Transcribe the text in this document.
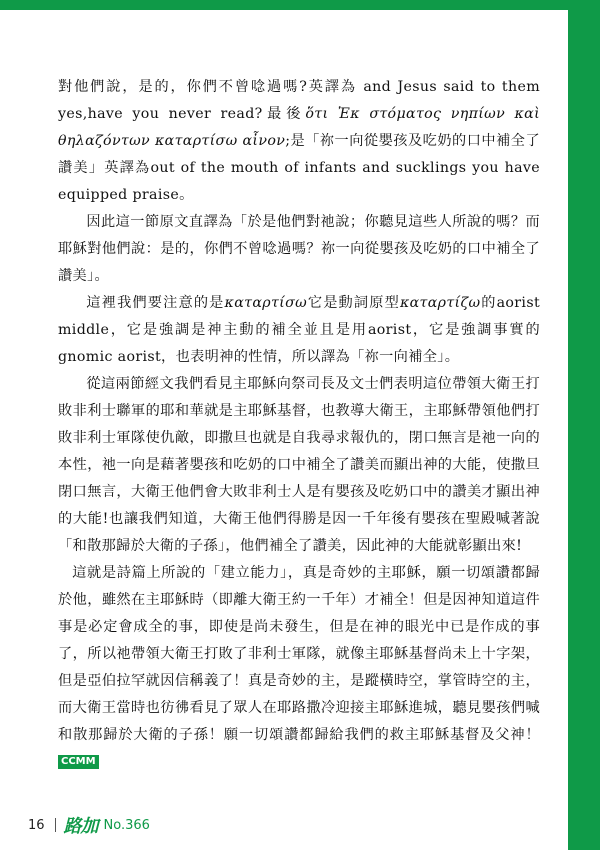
對他們說，是的，你們不曾唸過嗎?英譯為 and Jesus said to them yes,have you never read?最後ὅτι Ἐκ στόματος νηπίων καὶ θηλαζόντων καταρτίσω αἶνον;是「祢一向從嬰孩及吃奶的口中補全了讚美」英譯為out of the mouth of infants and sucklings you have equipped praise。

因此這一節原文直譯為「於是他們對祂說；你聽見這些人所說的嗎？而耶穌對他們說：是的，你們不曾唸過嗎？祢一向從嬰孩及吃奶的口中補全了讚美」。

這裡我們要注意的是καταρτίσω它是動詞原型καταρτίζω的aorist middle，它是強調是神主動的補全並且是用aorist，它是強調事實的gnomic aorist，也表明神的性情，所以譯為「祢一向補全」。

從這兩節經文我們看見主耶穌向祭司長及文士們表明這位帶領大衛王打敗非利士聯軍的耶和華就是主耶穌基督，也教導大衛王，主耶穌帶領他們打敗非利士軍隊使仇敵，即撒旦也就是自我尋求報仇的，閉口無言是祂一向的本性，祂一向是藉著嬰孩和吃奶的口中補全了讚美而顯出神的大能，使撒旦閉口無言，大衛王他們會大敗非利士人是有嬰孩及吃奶口中的讚美才顯出神的大能!也讓我們知道，大衛王他們得勝是因一千年後有嬰孩在聖殿喊著說「和散那歸於大衛的子孫」，他們補全了讚美，因此神的大能就彰顯出來!

這就是詩篇上所說的「建立能力」，真是奇妙的主耶穌，願一切頌讚都歸於他，雖然在主耶穌時（即離大衛王約一千年）才補全！但是因神知道這件事是必定會成全的事，即使是尚未發生，但是在神的眼光中已是作成的事了，所以祂帶領大衛王打敗了非利士軍隊，就像主耶穌基督尚未上十字架，但是亞伯拉罕就因信稱義了！真是奇妙的主，是蹤橫時空，掌管時空的主，而大衛王當時也彷彿看見了眾人在耶路撒冷迎接主耶穌進城，聽見嬰孩們喊和散那歸於大衛的子孫！願一切頌讚都歸給我們的救主耶穌基督及父神！ CCMM

16 路加 No.366
